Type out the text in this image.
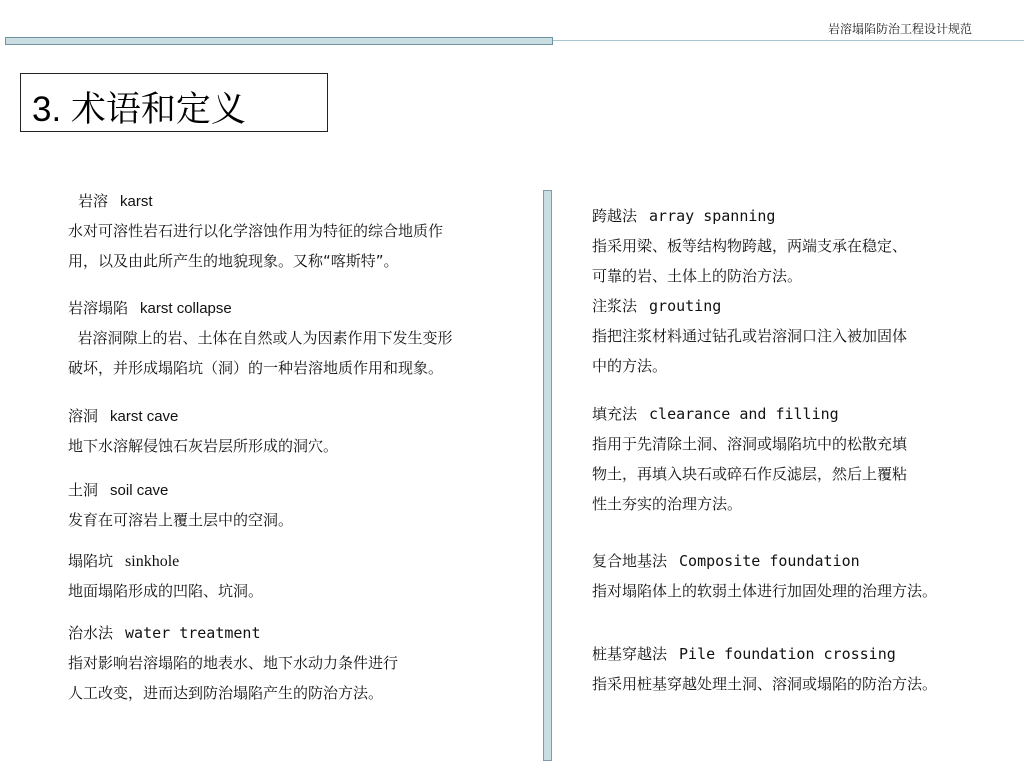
岩溶塌陷防治工程设计规范
3. 术语和定义
岩溶 karst
水对可溶性岩石进行以化学溶蚀作用为特征的综合地质作
用，以及由此所产生的地貌现象。又称“喀斯特”。
岩溶塌陷 karst collapse
岩溶洞隙上的岩、土体在自然或人为因素作用下发生变形
破坏，并形成塌陷坑（洞）的一种岩溶地质作用和现象。
溶洞 karst cave
地下水溶解侵蚀石灰岩层所形成的洞穴。
土洞 soil cave
发育在可溶岩上覆土层中的空洞。
塌陷坑 sinkhole
地面塌陷形成的凹陷、坑洞。
治水法 water treatment
指对影响岩溶塌陷的地表水、地下水动力条件进行
人工改变，进而达到防治塌陷产生的防治方法。
跨越法 array spanning
指采用梁、板等结构物跨越，两端支承在稳定、
可靠的岩、土体上的防治方法。
注浆法 grouting
指把注浆材料通过钻孔或岩溶洞口注入被加固体
中的方法。
填充法 clearance and filling
指用于先清除土洞、溶洞或塌陷坑中的松散充填
物土，再填入块石或碎石作反滤层，然后上覆粘
性土夯实的治理方法。
复合地基法 Composite foundation
指对塌陷体上的软弱土体进行加固处理的治理方法。
桩基穿越法 Pile foundation crossing
指采用桩基穿越处理土洞、溶洞或塌陷的防治方法。
